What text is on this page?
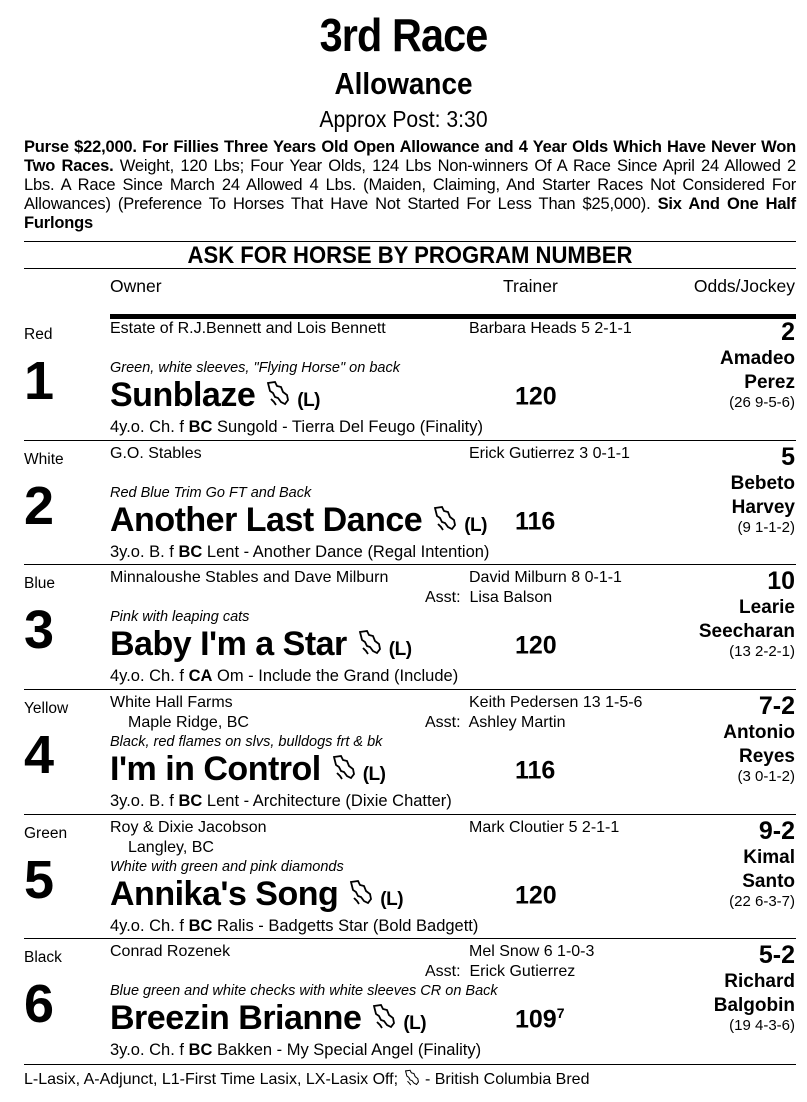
3rd Race
Allowance
Approx Post: 3:30
Purse $22,000. For Fillies Three Years Old Open Allowance and 4 Year Olds Which Have Never Won Two Races. Weight, 120 Lbs; Four Year Olds, 124 Lbs Non-winners Of A Race Since April 24 Allowed 2 Lbs. A Race Since March 24 Allowed 4 Lbs. (Maiden, Claiming, And Starter Races Not Considered For Allowances) (Preference To Horses That Have Not Started For Less Than $25,000). Six And One Half Furlongs
ASK FOR HORSE BY PROGRAM NUMBER
Owner	Trainer	Odds/Jockey
Red
1
Estate of R.J.Bennett and Lois Bennett
Green, white sleeves, "Flying Horse" on back
Sunblaze (L)
4y.o. Ch. f BC Sungold - Tierra Del Feugo (Finality)
Barbara Heads 5 2-1-1
120
2
Amadeo
Perez
(26 9-5-6)
White
2
G.O. Stables
Red Blue Trim Go FT and Back
Another Last Dance (L)
3y.o. B. f BC Lent - Another Dance (Regal Intention)
Erick Gutierrez 3 0-1-1
116
5
Bebeto
Harvey
(9 1-1-2)
Blue
3
Minnaloushe Stables and Dave Milburn
Pink with leaping cats
Baby I'm a Star (L)
4y.o. Ch. f CA Om - Include the Grand (Include)
David Milburn 8 0-1-1
Asst: Lisa Balson
120
10
Learie
Seecharan
(13 2-2-1)
Yellow
4
White Hall Farms
Maple Ridge, BC
Black, red flames on slvs, bulldogs frt & bk
I'm in Control (L)
3y.o. B. f BC Lent - Architecture (Dixie Chatter)
Keith Pedersen 13 1-5-6
Asst: Ashley Martin
116
7-2
Antonio
Reyes
(3 0-1-2)
Green
5
Roy & Dixie Jacobson
Langley, BC
White with green and pink diamonds
Annika's Song (L)
4y.o. Ch. f BC Ralis - Badgetts Star (Bold Badgett)
Mark Cloutier 5 2-1-1
120
9-2
Kimal
Santo
(22 6-3-7)
Black
6
Conrad Rozenek
Blue green and white checks with white sleeves CR on Back
Breezin Brianne (L)
3y.o. Ch. f BC Bakken - My Special Angel (Finality)
Mel Snow 6 1-0-3
Asst: Erick Gutierrez
$109^7$
5-2
Richard
Balgobin
(19 4-3-6)
L-Lasix, A-Adjunct, L1-First Time Lasix, LX-Lasix Off;  - British Columbia Bred
